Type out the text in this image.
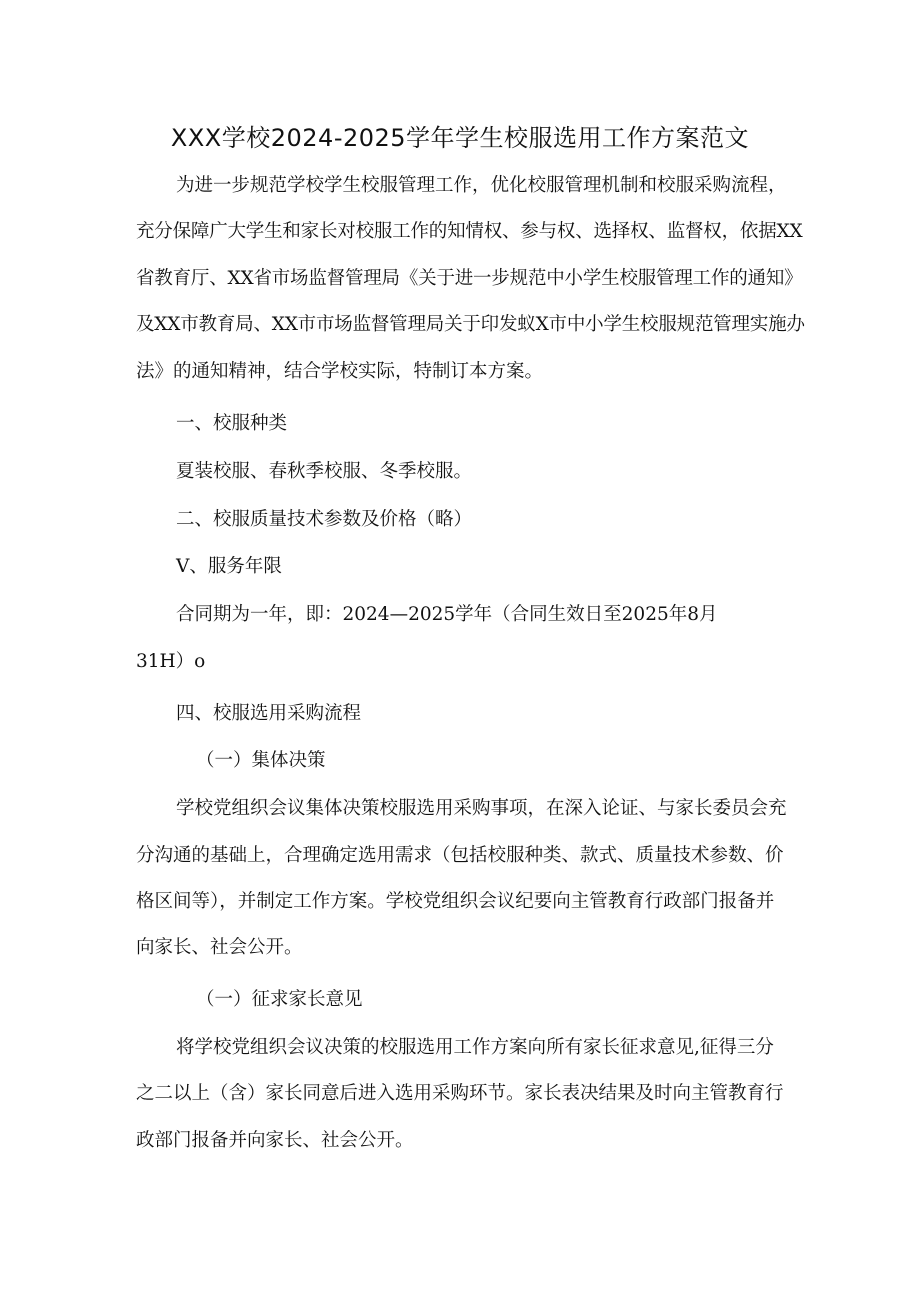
XXX学校2024-2025学年学生校服选用工作方案范文
为进一步规范学校学生校服管理工作，优化校服管理机制和校服采购流程，
充分保障广大学生和家长对校服工作的知情权、参与权、选择权、监督权，依据XX
省教育厅、XX省市场监督管理局《关于进一步规范中小学生校服管理工作的通知》
及XX市教育局、XX市市场监督管理局关于印发蚁X市中小学生校服规范管理实施办
法》的通知精神，结合学校实际，特制订本方案。
一、校服种类
夏装校服、春秋季校服、冬季校服。
二、校服质量技术参数及价格（略）
V、服务年限
合同期为一年，即：2024—2025学年（合同生效日至2025年8月
31H）o
四、校服选用采购流程
（一）集体决策
学校党组织会议集体决策校服选用采购事项，在深入论证、与家长委员会充
分沟通的基础上，合理确定选用需求（包括校服种类、款式、质量技术参数、价
格区间等），并制定工作方案。学校党组织会议纪要向主管教育行政部门报备并
向家长、社会公开。
（一）征求家长意见
将学校党组织会议决策的校服选用工作方案向所有家长征求意见,征得三分
之二以上（含）家长同意后进入选用采购环节。家长表决结果及时向主管教育行
政部门报备并向家长、社会公开。
